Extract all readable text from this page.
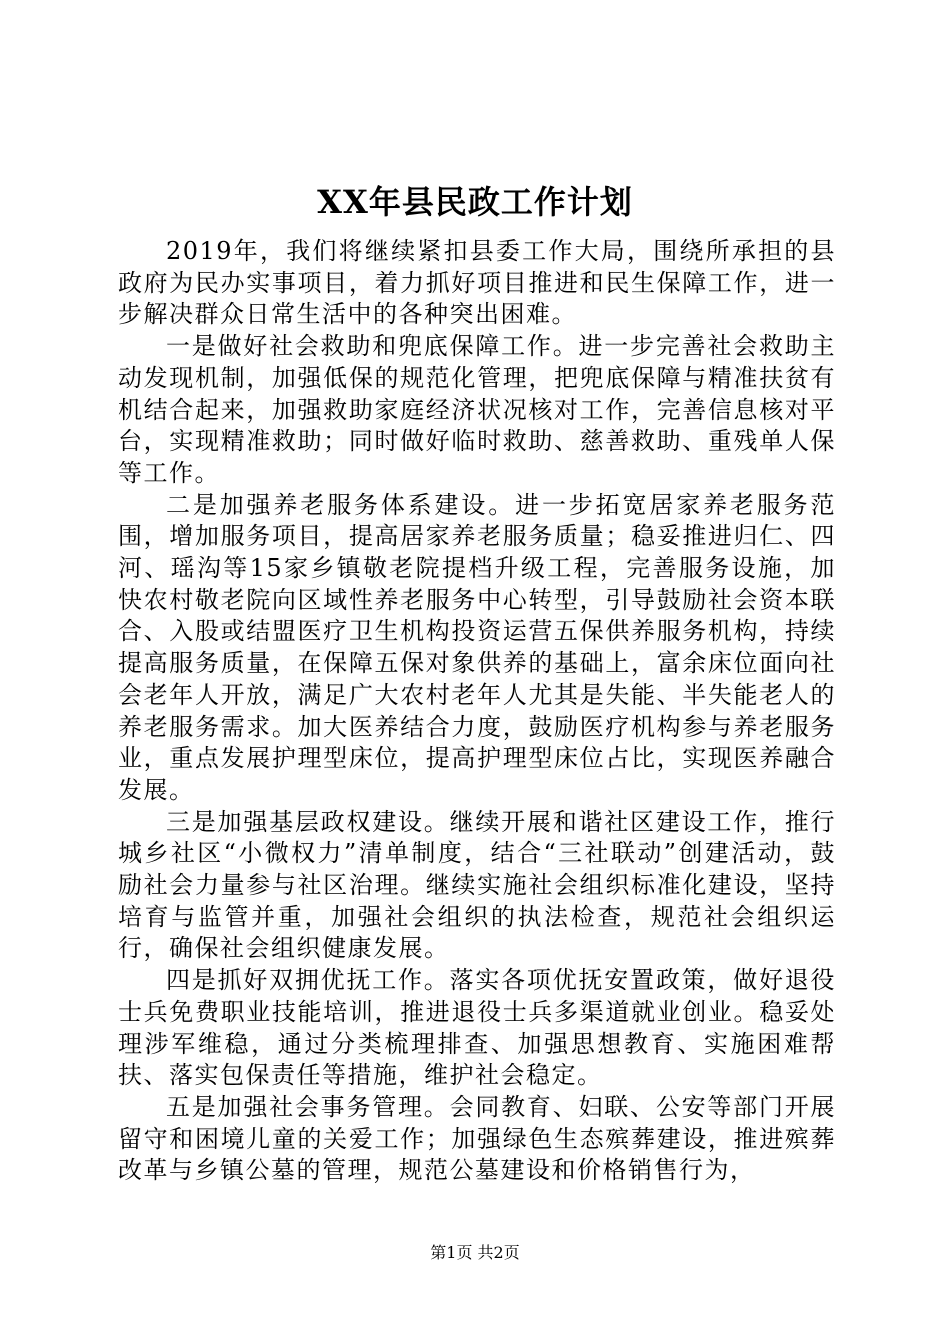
XX年县民政工作计划

2019年，我们将继续紧扣县委工作大局，围绕所承担的县政府为民办实事项目，着力抓好项目推进和民生保障工作，进一步解决群众日常生活中的各种突出困难。

一是做好社会救助和兜底保障工作。进一步完善社会救助主动发现机制，加强低保的规范化管理，把兜底保障与精准扶贫有机结合起来，加强救助家庭经济状况核对工作，完善信息核对平台，实现精准救助；同时做好临时救助、慈善救助、重残单人保等工作。

二是加强养老服务体系建设。进一步拓宽居家养老服务范围，增加服务项目，提高居家养老服务质量；稳妥推进归仁、四河、瑶沟等15家乡镇敬老院提档升级工程，完善服务设施，加快农村敬老院向区域性养老服务中心转型，引导鼓励社会资本联合、入股或结盟医疗卫生机构投资运营五保供养服务机构，持续提高服务质量，在保障五保对象供养的基础上，富余床位面向社会老年人开放，满足广大农村老年人尤其是失能、半失能老人的养老服务需求。加大医养结合力度，鼓励医疗机构参与养老服务业，重点发展护理型床位，提高护理型床位占比，实现医养融合发展。

三是加强基层政权建设。继续开展和谐社区建设工作，推行城乡社区“小微权力”清单制度，结合“三社联动”创建活动，鼓励社会力量参与社区治理。继续实施社会组织标准化建设，坚持培育与监管并重，加强社会组织的执法检查，规范社会组织运行，确保社会组织健康发展。

四是抓好双拥优抚工作。落实各项优抚安置政策，做好退役士兵免费职业技能培训，推进退役士兵多渠道就业创业。稳妥处理涉军维稳，通过分类梳理排查、加强思想教育、实施困难帮扶、落实包保责任等措施，维护社会稳定。

五是加强社会事务管理。会同教育、妇联、公安等部门开展留守和困境儿童的关爱工作；加强绿色生态殡葬建设，推进殡葬改革与乡镇公墓的管理，规范公墓建设和价格销售行为，

第1页 共2页
